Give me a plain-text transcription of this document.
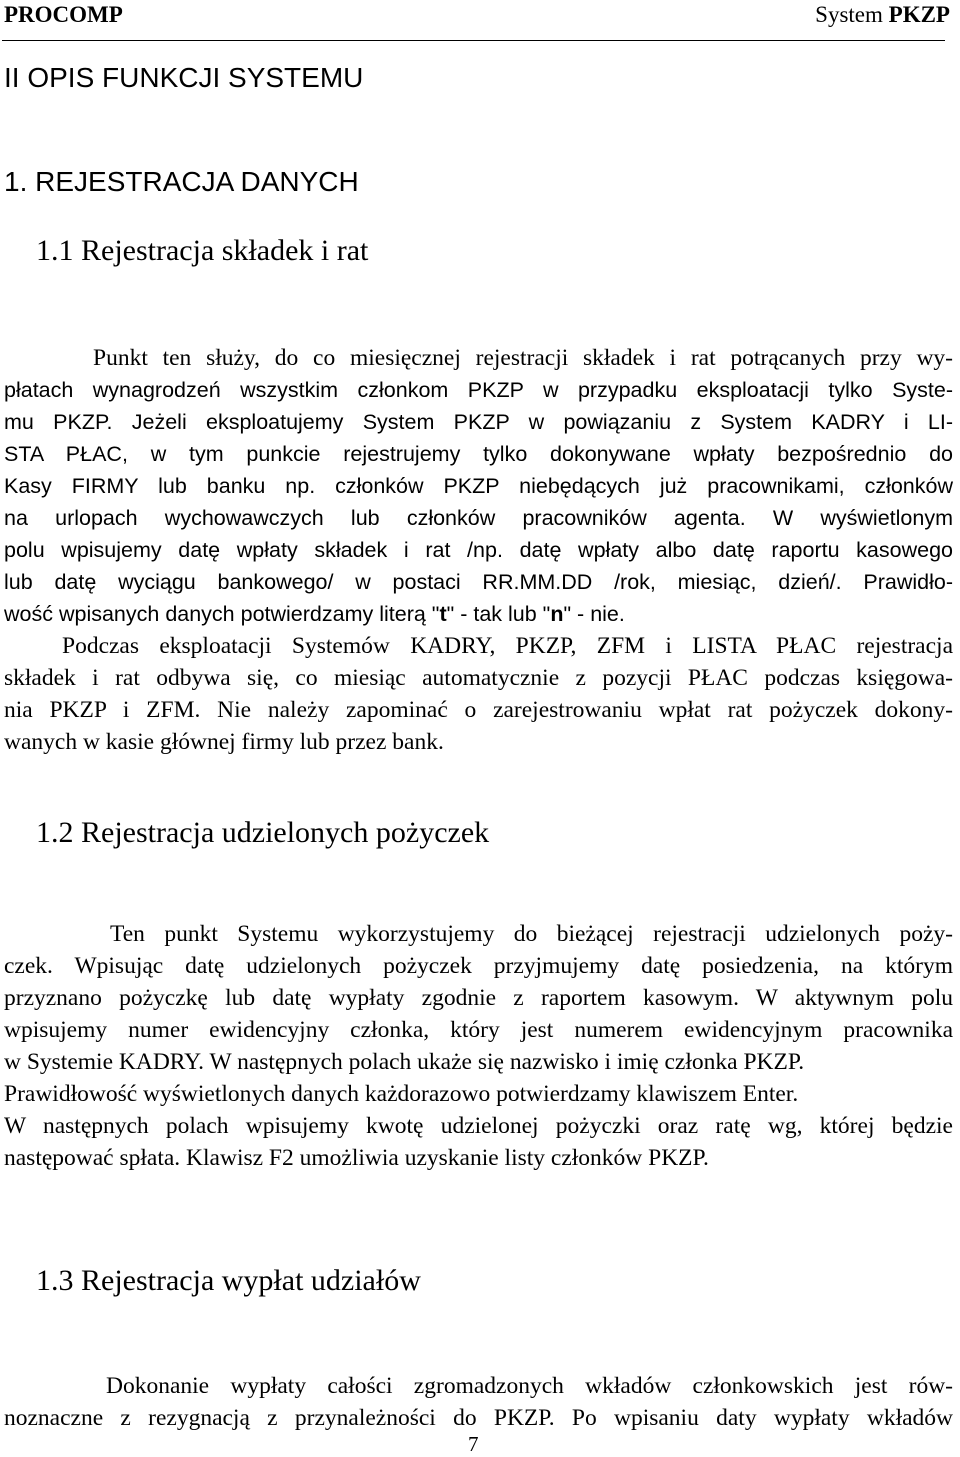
PROCOMP	System PKZP
II OPIS FUNKCJI SYSTEMU
1. REJESTRACJA DANYCH
1.1 Rejestracja składek i rat
Punkt ten służy, do co miesięcznej rejestracji składek i rat potrącanych przy wy-
płatach wynagrodzeń wszystkim członkom PKZP w przypadku eksploatacji tylko Syste-
mu PKZP. Jeżeli eksploatujemy System PKZP w powiązaniu z System KADRY i LI-
STA PŁAC, w tym punkcie rejestrujemy tylko dokonywane wpłaty bezpośrednio do
Kasy FIRMY lub banku np. członków PKZP niebędących już pracownikami, członków
na urlopach wychowawczych lub członków pracowników agenta. W wyświetlonym
polu wpisujemy datę wpłaty składek i rat /np. datę wpłaty albo datę raportu kasowego
lub datę wyciągu bankowego/ w postaci RR.MM.DD /rok, miesiąc, dzień/. Prawidło-
wość wpisanych danych potwierdzamy literą "t" - tak lub "n" - nie.
Podczas eksploatacji Systemów KADRY, PKZP, ZFM i LISTA PŁAC rejestracja
składek i rat odbywa się, co miesiąc automatycznie z pozycji PŁAC podczas księgowa-
nia PKZP i ZFM. Nie należy zapominać o zarejestrowaniu wpłat rat pożyczek dokony-
wanych w kasie głównej firmy lub przez bank.
1.2 Rejestracja udzielonych pożyczek
Ten punkt Systemu wykorzystujemy do bieżącej rejestracji udzielonych poży-
czek. Wpisując datę udzielonych pożyczek przyjmujemy datę posiedzenia, na którym
przyznano pożyczkę lub datę wypłaty zgodnie z raportem kasowym. W aktywnym polu
wpisujemy numer ewidencyjny członka, który jest numerem ewidencyjnym pracownika
w Systemie KADRY. W następnych polach ukaże się nazwisko i imię członka PKZP.
Prawidłowość wyświetlonych danych każdorazowo potwierdzamy klawiszem Enter.
W następnych polach wpisujemy kwotę udzielonej pożyczki oraz ratę wg, której będzie
następować spłata. Klawisz F2 umożliwia uzyskanie listy członków PKZP.
1.3 Rejestracja wypłat udziałów
Dokonanie wypłaty całości zgromadzonych wkładów członkowskich jest rów-
noznaczne z rezygnacją z przynależności do PKZP. Po wpisaniu daty wypłaty wkładów
7
